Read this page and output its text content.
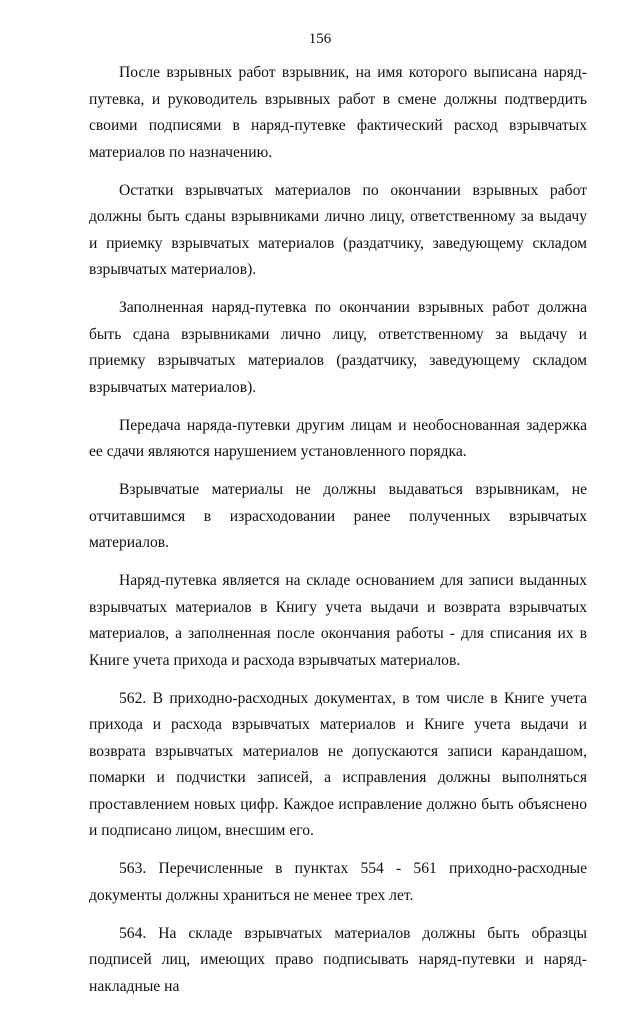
156

После взрывных работ взрывник, на имя которого выписана наряд-путевка, и руководитель взрывных работ в смене должны подтвердить своими подписями в наряд-путевке фактический расход взрывчатых материалов по назначению.

Остатки взрывчатых материалов по окончании взрывных работ должны быть сданы взрывниками лично лицу, ответственному за выдачу и приемку взрывчатых материалов (раздатчику, заведующему складом взрывчатых материалов).

Заполненная наряд-путевка по окончании взрывных работ должна быть сдана взрывниками лично лицу, ответственному за выдачу и приемку взрывчатых материалов (раздатчику, заведующему складом взрывчатых материалов).

Передача наряда-путевки другим лицам и необоснованная задержка ее сдачи являются нарушением установленного порядка.

Взрывчатые материалы не должны выдаваться взрывникам, не отчитавшимся в израсходовании ранее полученных взрывчатых материалов.

Наряд-путевка является на складе основанием для записи выданных взрывчатых материалов в Книгу учета выдачи и возврата взрывчатых материалов, а заполненная после окончания работы - для списания их в Книге учета прихода и расхода взрывчатых материалов.

562. В приходно-расходных документах, в том числе в Книге учета прихода и расхода взрывчатых материалов и Книге учета выдачи и возврата взрывчатых материалов не допускаются записи карандашом, помарки и подчистки записей, а исправления должны выполняться проставлением новых цифр. Каждое исправление должно быть объяснено и подписано лицом, внесшим его.

563. Перечисленные в пунктах 554 - 561 приходно-расходные документы должны храниться не менее трех лет.

564. На складе взрывчатых материалов должны быть образцы подписей лиц, имеющих право подписывать наряд-путевки и наряд-накладные на
